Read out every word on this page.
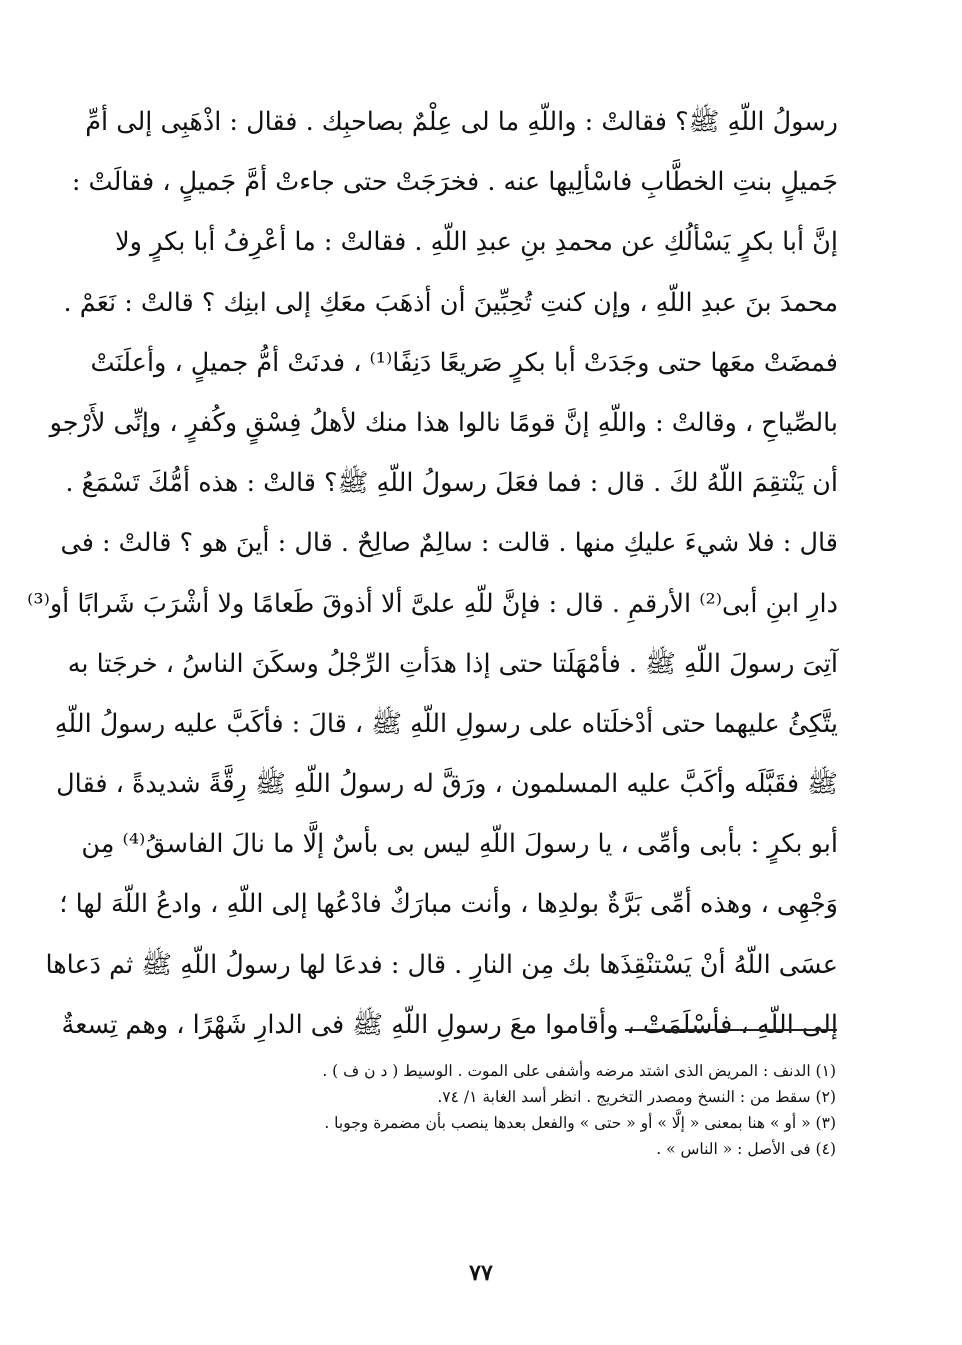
رسولُ اللّهِ ﷺ؟ فقالتْ : واللّهِ ما لى عِلْمٌ بصاحبِك . فقال : اذْهَبِى إلى أمِّ
جَميلٍ بنتِ الخطَّابِ فاسْألِيها عنه . فخرَجَتْ حتى جاءتْ أمَّ جَميلٍ ، فقالَتْ :
إنَّ أبا بكرٍ يَسْألُكِ عن محمدِ بنِ عبدِ اللّهِ . فقالتْ : ما أعْرِفُ أبا بكرٍ ولا
محمدَ بنَ عبدِ اللّهِ ، وإن كنتِ تُحِبِّينَ أن أذهَبَ معَكِ إلى ابنِك ؟ قالتْ : نَعَمْ .
فمضَتْ معَها حتى وجَدَتْ أبا بكرٍ صَريعًا دَنِفًا⁽¹⁾ ، فدنَتْ أمُّ جميلٍ ، وأعلَنَتْ
بالصِّياحِ ، وقالتْ : واللّهِ إنَّ قومًا نالوا هذا منك لأهلُ فِسْقٍ وكُفرٍ ، وإنِّى لأَرْجو
أن يَنْتقِمَ اللّهُ لكَ . قال : فما فعَلَ رسولُ اللّهِ ﷺ؟ قالتْ : هذه أمُّكَ تَسْمَعُ .
قال : فلا شيءَ عليكِ منها . قالت : سالِمٌ صالِحٌ . قال : أينَ هو ؟ قالتْ : فى
دارِ ابنِ أبى⁽²⁾ الأرقمِ . قال : فإنَّ للّهِ علىَّ ألا أذوقَ طَعامًا ولا أشْرَبَ شَرابًا أو⁽³⁾
آتِىَ رسولَ اللّهِ ﷺ . فأمْهَلَتا حتى إذا هدَأتِ الرِّجْلُ وسكَنَ الناسُ ، خرجَتا به
يتَّكِئُ عليهما حتى أدْخلَتاه على رسولِ اللّهِ ﷺ ، قالَ : فأكَبَّ عليه رسولُ اللّهِ
ﷺ فقَبَّلَه وأكَبَّ عليه المسلمون ، ورَقَّ له رسولُ اللّهِ ﷺ رِقَّةً شديدةً ، فقال
أبو بكرٍ : بأبى وأمِّى ، يا رسولَ اللّهِ ليس بى بأسٌ إلَّا ما نالَ الفاسقُ⁽⁴⁾ مِن
وَجْهِى ، وهذه أمِّى بَرَّةٌ بولدِها ، وأنت مبارَكٌ فادْعُها إلى اللّهِ ، وادعُ اللّهَ لها ؛
عسَى اللّهُ أنْ يَسْتنْقِذَها بك مِن النارِ . قال : فدعَا لها رسولُ اللّهِ ﷺ ثم دَعاها
إلى اللّهِ ، فأسْلَمَتْ ، وأقاموا معَ رسولِ اللّهِ ﷺ فى الدارِ شَهْرًا ، وهم تِسعةٌ
(١) الدنف : المريض الذى اشتد مرضه وأشفى على الموت . الوسيط ( د ن ف ) .
(٢) سقط من : النسخ ومصدر التخريج . انظر أسد الغابة ١/ ٧٤.
(٣) « أو » هنا بمعنى « إلَّا » أو « حتى » والفعل بعدها ينصب بأن مضمرة وجوبا .
(٤) فى الأصل : « الناس » .
٧٧
